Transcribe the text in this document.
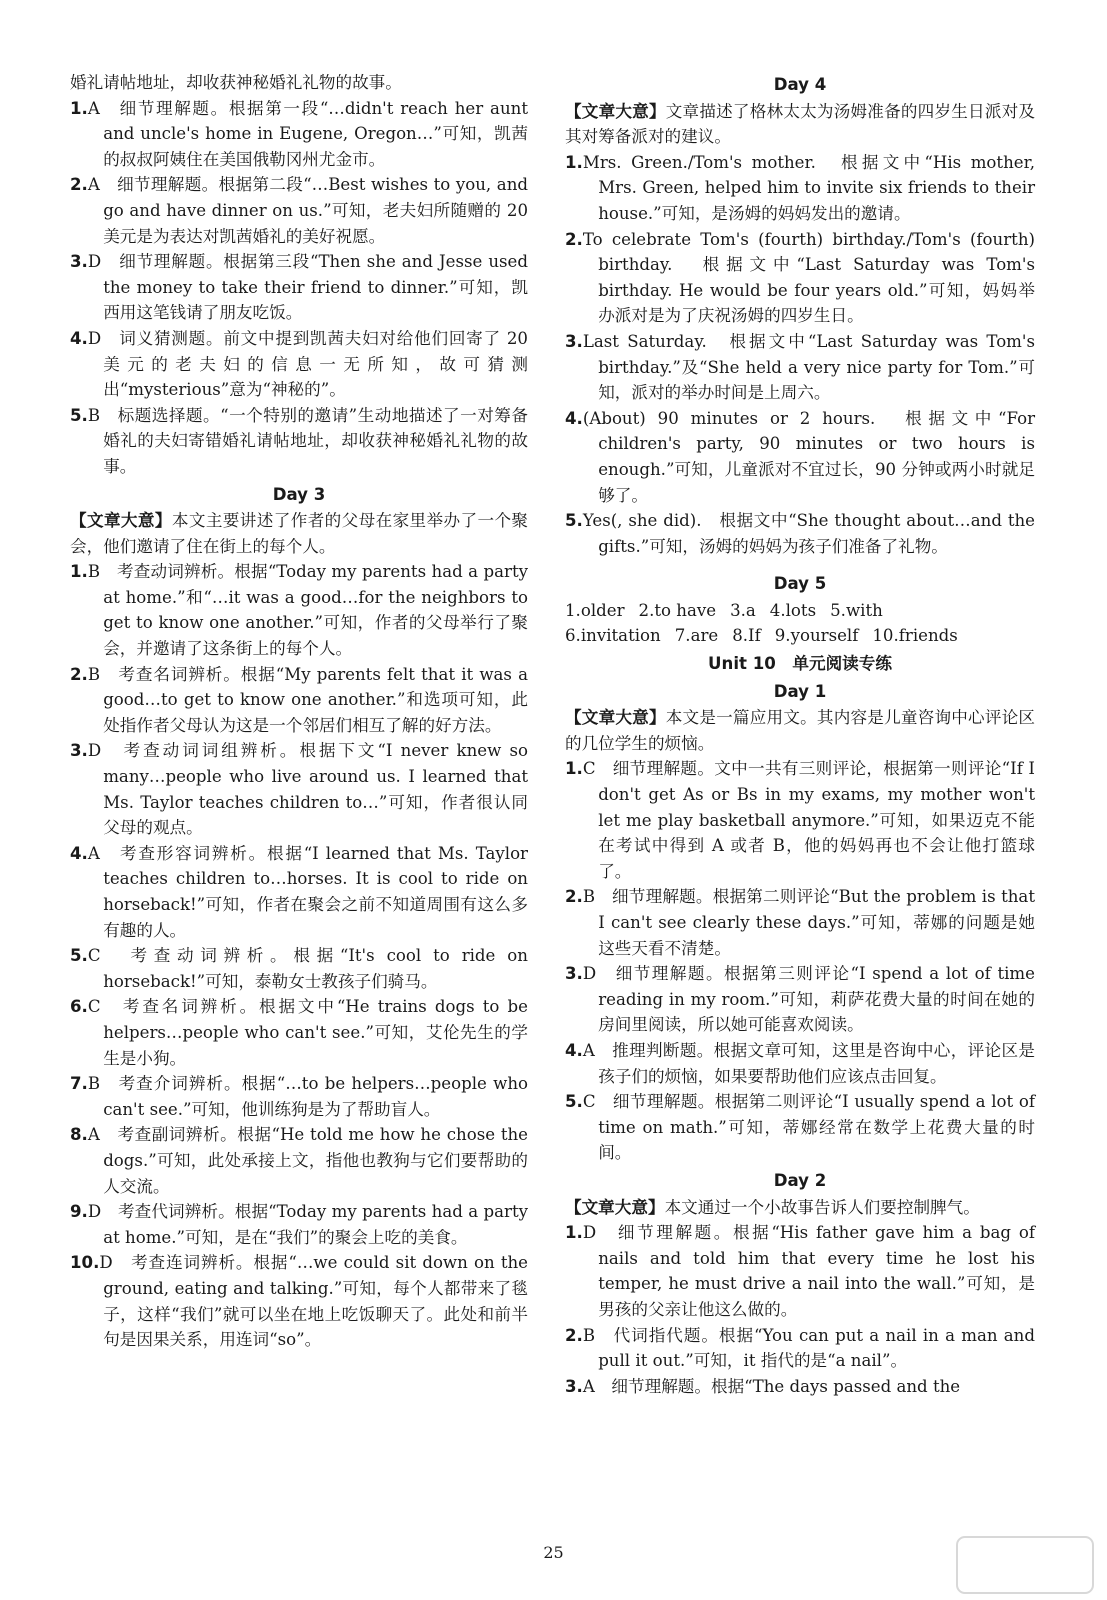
婚礼请帖地址，却收获神秘婚礼礼物的故事。

1.A　细节理解题。根据第一段“…didn't reach her aunt and uncle's home in Eugene, Oregon…”可知，凯茜的叔叔阿姨住在美国俄勒冈州尤金市。

2.A　细节理解题。根据第二段“…Best wishes to you, and go and have dinner on us.”可知，老夫妇所随赠的 20 美元是为表达对凯茜婚礼的美好祝愿。

3.D　细节理解题。根据第三段“Then she and Jesse used the money to take their friend to dinner.”可知，凯西用这笔钱请了朋友吃饭。

4.D　词义猜测题。前文中提到凯茜夫妇对给他们回寄了 20 美元的老夫妇的信息一无所知，故可猜测出“mysterious”意为“神秘的”。

5.B　标题选择题。“一个特别的邀请”生动地描述了一对筹备婚礼的夫妇寄错婚礼请帖地址，却收获神秘婚礼礼物的故事。

Day 3

【文章大意】本文主要讲述了作者的父母在家里举办了一个聚会，他们邀请了住在街上的每个人。

1.B　考查动词辨析。根据“Today my parents had a party at home.”和“…it was a good…for the neighbors to get to know one another.”可知，作者的父母举行了聚会，并邀请了这条街上的每个人。

2.B　考查名词辨析。根据“My parents felt that it was a good…to get to know one another.”和选项可知，此处指作者父母认为这是一个邻居们相互了解的好方法。

3.D　考查动词词组辨析。根据下文“I never knew so many…people who live around us. I learned that Ms. Taylor teaches children to…”可知，作者很认同父母的观点。

4.A　考查形容词辨析。根据“I learned that Ms. Taylor teaches children to…horses. It is cool to ride on horseback!”可知，作者在聚会之前不知道周围有这么多有趣的人。

5.C　考查动词辨析。根据“It's cool to ride on horseback!”可知，泰勒女士教孩子们骑马。

6.C　考查名词辨析。根据文中“He trains dogs to be helpers…people who can't see.”可知，艾伦先生的学生是小狗。

7.B　考查介词辨析。根据“…to be helpers…people who can't see.”可知，他训练狗是为了帮助盲人。

8.A　考查副词辨析。根据“He told me how he chose the dogs.”可知，此处承接上文，指他也教狗与它们要帮助的人交流。

9.D　考查代词辨析。根据“Today my parents had a party at home.”可知，是在“我们”的聚会上吃的美食。

10.D　考查连词辨析。根据“…we could sit down on the ground, eating and talking.”可知，每个人都带来了毯子，这样“我们”就可以坐在地上吃饭聊天了。此处和前半句是因果关系，用连词“so”。

Day 4

【文章大意】文章描述了格林太太为汤姆准备的四岁生日派对及其对筹备派对的建议。

1.Mrs. Green./Tom's mother.　根据文中“His mother, Mrs. Green, helped him to invite six friends to their house.”可知，是汤姆的妈妈发出的邀请。

2.To celebrate Tom's (fourth) birthday./Tom's (fourth) birthday.　根据文中“Last Saturday was Tom's birthday. He would be four years old.”可知，妈妈举办派对是为了庆祝汤姆的四岁生日。

3.Last Saturday.　根据文中“Last Saturday was Tom's birthday.”及“She held a very nice party for Tom.”可知，派对的举办时间是上周六。

4.(About) 90 minutes or 2 hours.　根据文中“For children's party, 90 minutes or two hours is enough.”可知，儿童派对不宜过长，90 分钟或两小时就足够了。

5.Yes(, she did).　根据文中“She thought about…and the gifts.”可知，汤姆的妈妈为孩子们准备了礼物。

Day 5

1.older 2.to have 3.a 4.lots 5.with

6.invitation 7.are 8.If 9.yourself 10.friends

Unit 10　单元阅读专练
Day 1

【文章大意】本文是一篇应用文。其内容是儿童咨询中心评论区的几位学生的烦恼。

1.C　细节理解题。文中一共有三则评论，根据第一则评论“If I don't get As or Bs in my exams, my mother won't let me play basketball anymore.”可知，如果迈克不能在考试中得到 A 或者 B，他的妈妈再也不会让他打篮球了。

2.B　细节理解题。根据第二则评论“But the problem is that I can't see clearly these days.”可知，蒂娜的问题是她这些天看不清楚。

3.D　细节理解题。根据第三则评论“I spend a lot of time reading in my room.”可知，莉萨花费大量的时间在她的房间里阅读，所以她可能喜欢阅读。

4.A　推理判断题。根据文章可知，这里是咨询中心，评论区是孩子们的烦恼，如果要帮助他们应该点击回复。

5.C　细节理解题。根据第二则评论“I usually spend a lot of time on math.”可知，蒂娜经常在数学上花费大量的时间。

Day 2

【文章大意】本文通过一个小故事告诉人们要控制脾气。

1.D　细节理解题。根据“His father gave him a bag of nails and told him that every time he lost his temper, he must drive a nail into the wall.”可知，是男孩的父亲让他这么做的。

2.B　代词指代题。根据“You can put a nail in a man and pull it out.”可知，it 指代的是“a nail”。

3.A　细节理解题。根据“The days passed and the

25
